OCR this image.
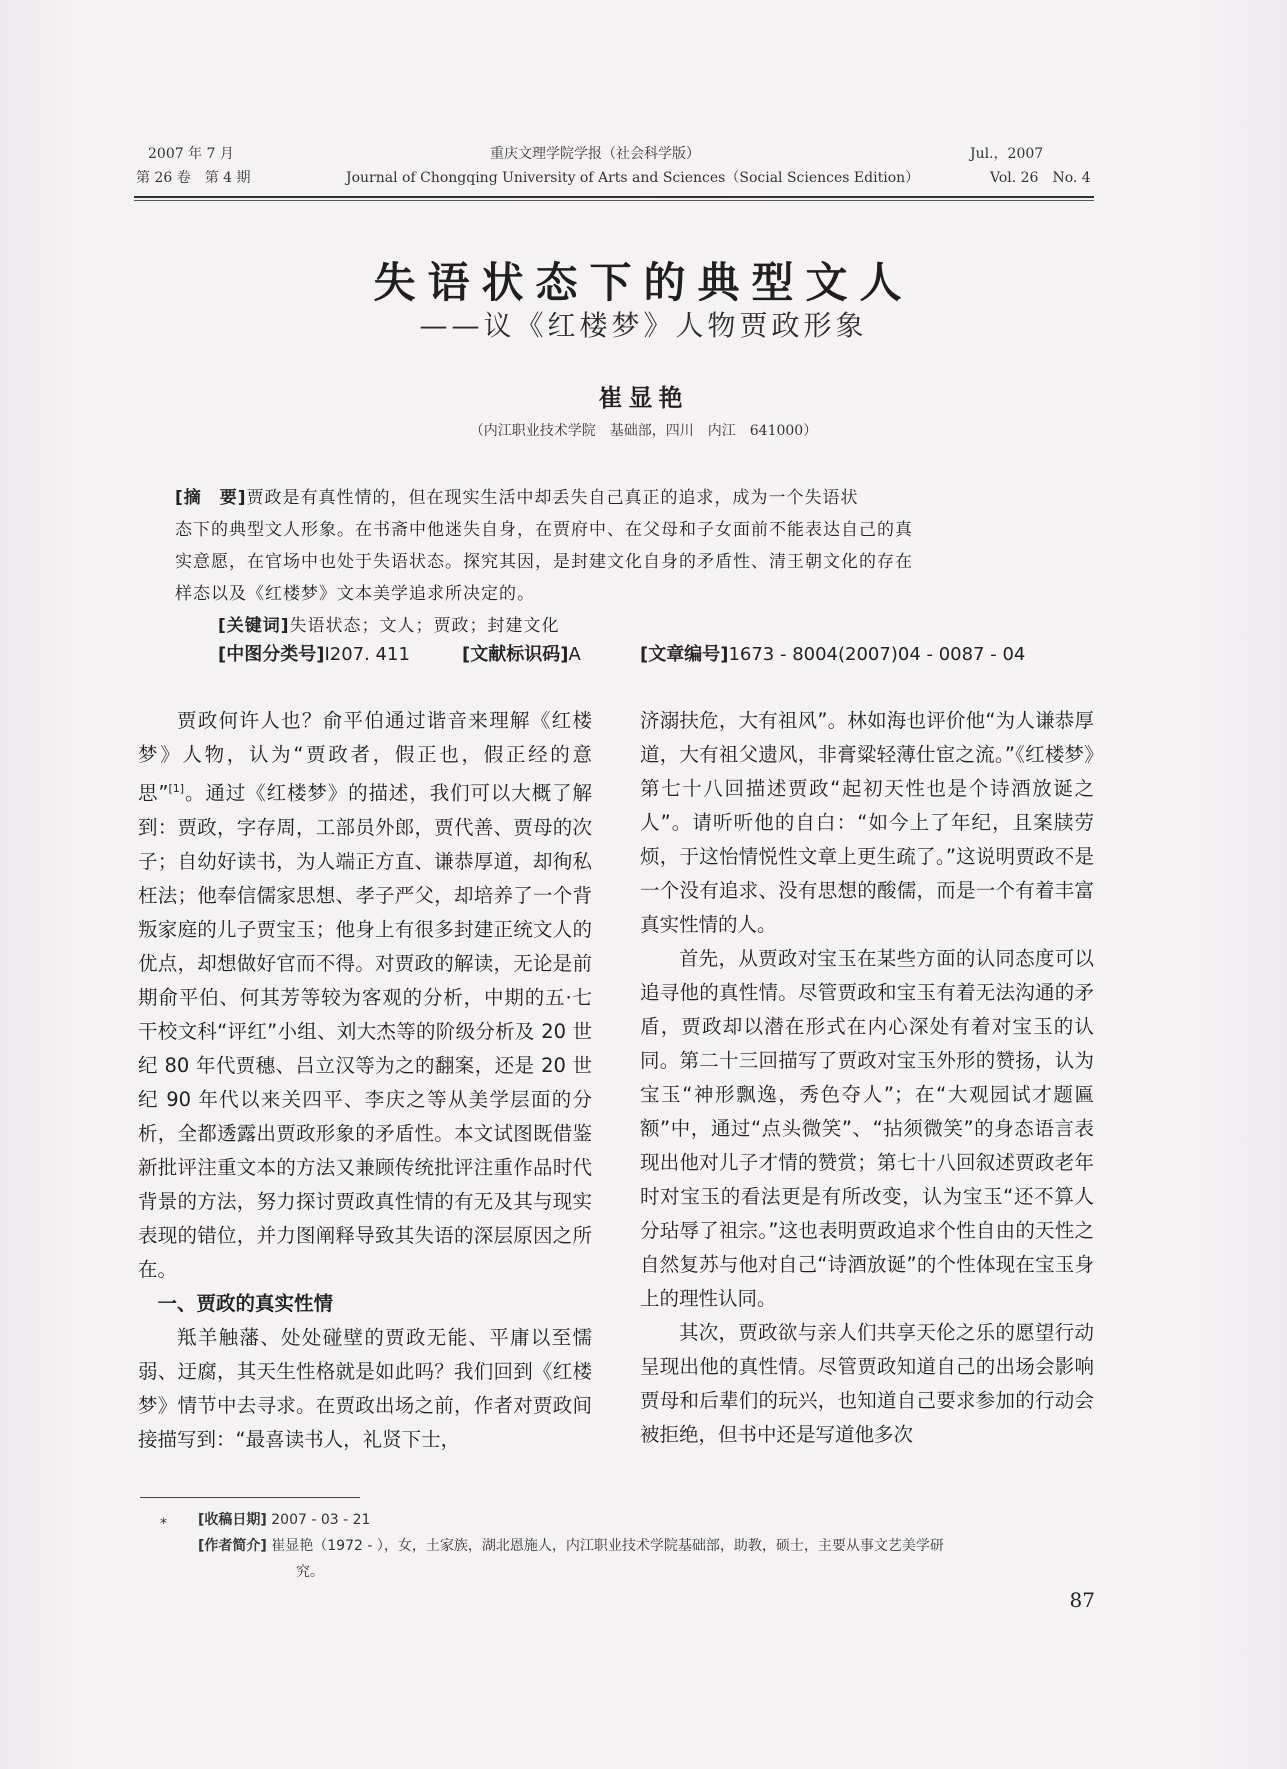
2007 年 7 月
第 26 卷　第 4 期
重庆文理学院学报（社会科学版）
Journal of Chongqing University of Arts and Sciences（Social Sciences Edition）
Jul.，2007
Vol. 26　No. 4
失语状态下的典型文人
——议《红楼梦》人物贾政形象
崔显艳
（内江职业技术学院　基础部，四川　内江　641000）
[摘　要]贾政是有真性情的，但在现实生活中却丢失自己真正的追求，成为一个失语状
态下的典型文人形象。在书斋中他迷失自身，在贾府中、在父母和子女面前不能表达自己的真
实意愿，在官场中也处于失语状态。探究其因，是封建文化自身的矛盾性、清王朝文化的存在
样态以及《红楼梦》文本美学追求所决定的。
[关键词]失语状态；文人；贾政；封建文化
[中图分类号]I207. 411	[文献标识码]A	[文章编号]1673 - 8004(2007)04 - 0087 - 04

贾政何许人也？俞平伯通过谐音来理解《红楼梦》人物，认为“贾政者，假正也，假正经的意思”[1]。通过《红楼梦》的描述，我们可以大概了解到：贾政，字存周，工部员外郎，贾代善、贾母的次子；自幼好读书，为人端正方直、谦恭厚道，却徇私枉法；他奉信儒家思想、孝子严父，却培养了一个背叛家庭的儿子贾宝玉；他身上有很多封建正统文人的优点，却想做好官而不得。对贾政的解读，无论是前期俞平伯、何其芳等较为客观的分析，中期的五·七干校文科“评红”小组、刘大杰等的阶级分析及 20 世纪 80 年代贾穗、吕立汉等为之的翻案，还是 20 世纪 90 年代以来关四平、李庆之等从美学层面的分析，全都透露出贾政形象的矛盾性。本文试图既借鉴新批评注重文本的方法又兼顾传统批评注重作品时代背景的方法，努力探讨贾政真性情的有无及其与现实表现的错位，并力图阐释导致其失语的深层原因之所在。

一、贾政的真实性情

羝羊触藩、处处碰壁的贾政无能、平庸以至懦弱、迂腐，其天生性格就是如此吗？我们回到《红楼梦》情节中去寻求。在贾政出场之前，作者对贾政间接描写到：“最喜读书人，礼贤下士，

济溺扶危，大有祖风”。林如海也评价他“为人谦恭厚道，大有祖父遗风，非膏粱轻薄仕宦之流。”《红楼梦》第七十八回描述贾政“起初天性也是个诗酒放诞之人”。请听听他的自白：“如今上了年纪，且案牍劳烦，于这怡情悦性文章上更生疏了。”这说明贾政不是一个没有追求、没有思想的酸儒，而是一个有着丰富真实性情的人。

首先，从贾政对宝玉在某些方面的认同态度可以追寻他的真性情。尽管贾政和宝玉有着无法沟通的矛盾，贾政却以潜在形式在内心深处有着对宝玉的认同。第二十三回描写了贾政对宝玉外形的赞扬，认为宝玉“神形飘逸，秀色夺人”；在“大观园试才题匾额”中，通过“点头微笑”、“拈须微笑”的身态语言表现出他对儿子才情的赞赏；第七十八回叙述贾政老年时对宝玉的看法更是有所改变，认为宝玉“还不算人分玷辱了祖宗。”这也表明贾政追求个性自由的天性之自然复苏与他对自己“诗酒放诞”的个性体现在宝玉身上的理性认同。

其次，贾政欲与亲人们共享天伦之乐的愿望行动呈现出他的真性情。尽管贾政知道自己的出场会影响贾母和后辈们的玩兴，也知道自己要求参加的行动会被拒绝，但书中还是写道他多次

* [收稿日期] 2007 - 03 - 21
[作者简介] 崔显艳（1972 - ），女，土家族，湖北恩施人，内江职业技术学院基础部，助教，硕士，主要从事文艺美学研
究。
87
